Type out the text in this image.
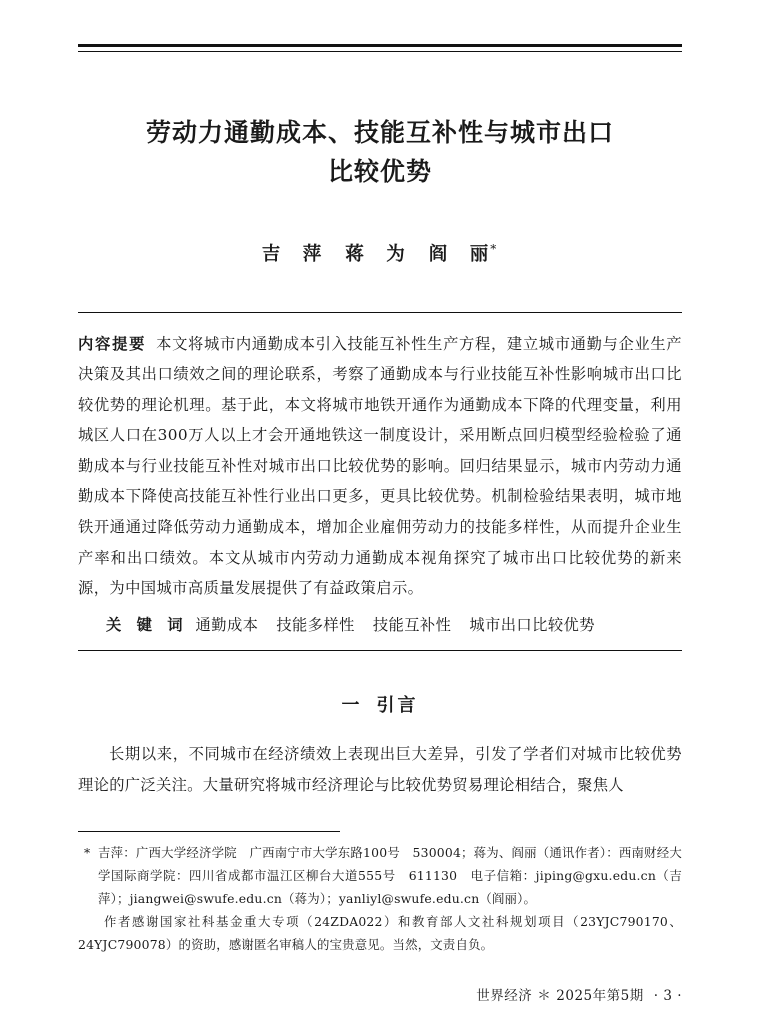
劳动力通勤成本、技能互补性与城市出口
比较优势
吉　萍 蒋　为 阎　丽*
内容提要 本文将城市内通勤成本引入技能互补性生产方程，建立城市通勤与企业生产决策及其出口绩效之间的理论联系，考察了通勤成本与行业技能互补性影响城市出口比较优势的理论机理。基于此，本文将城市地铁开通作为通勤成本下降的代理变量，利用城区人口在300万人以上才会开通地铁这一制度设计，采用断点回归模型经验检验了通勤成本与行业技能互补性对城市出口比较优势的影响。回归结果显示，城市内劳动力通勤成本下降使高技能互补性行业出口更多，更具比较优势。机制检验结果表明，城市地铁开通通过降低劳动力通勤成本，增加企业雇佣劳动力的技能多样性，从而提升企业生产率和出口绩效。本文从城市内劳动力通勤成本视角探究了城市出口比较优势的新来源，为中国城市高质量发展提供了有益政策启示。
关 键 词 通勤成本 技能多样性 技能互补性 城市出口比较优势
一 引言

长期以来，不同城市在经济绩效上表现出巨大差异，引发了学者们对城市比较优势理论的广泛关注。大量研究将城市经济理论与比较优势贸易理论相结合，聚焦人

* 吉萍：广西大学经济学院　广西南宁市大学东路100号　530004；蒋为、阎丽（通讯作者）：西南财经大学国际商学院：四川省成都市温江区柳台大道555号　611130　电子信箱：jiping@gxu.edu.cn（吉萍）；jiangwei@swufe.edu.cn（蒋为）；yanliyl@swufe.edu.cn（阎丽）。
作者感谢国家社科基金重大专项（24ZDA022）和教育部人文社科规划项目（23YJC790170、24YJC790078）的资助，感谢匿名审稿人的宝贵意见。当然，文责自负。
世界经济 ＊ 2025年第5期 · 3 ·
